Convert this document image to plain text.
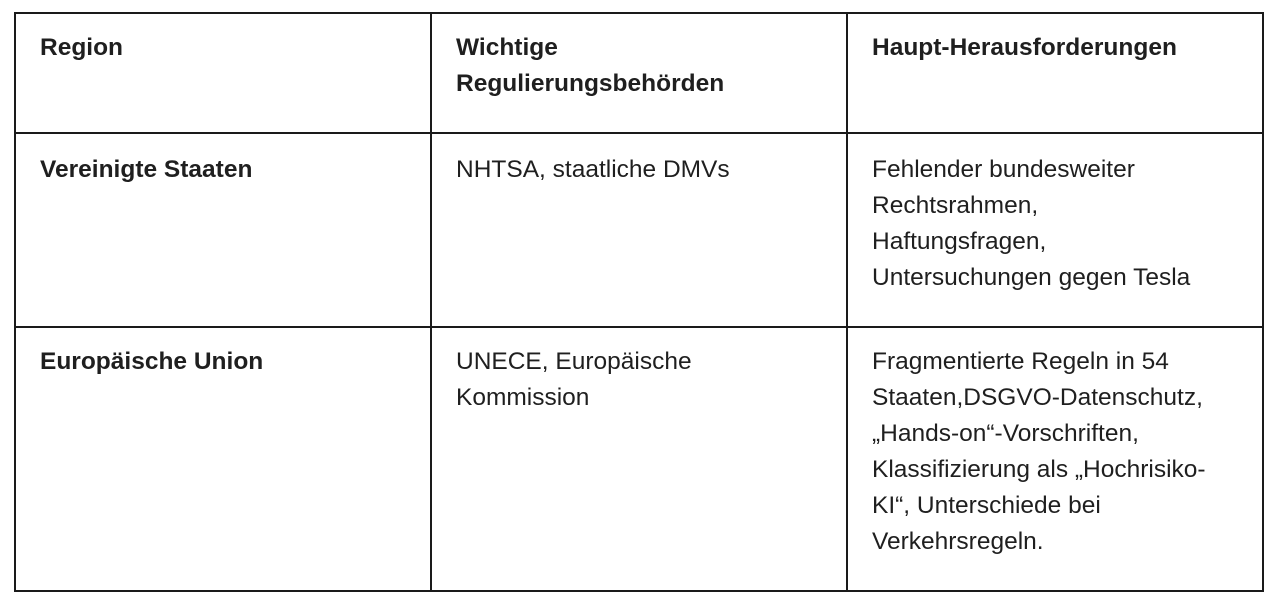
Region	Wichtige Regulierungsbehörden	Haupt-Herausforderungen

Vereinigte Staaten	NHTSA, staatliche DMVs	Fehlender bundesweiter Rechtsrahmen, Haftungsfragen, Untersuchungen gegen Tesla

Europäische Union	UNECE, Europäische Kommission	Fragmentierte Regeln in 54 Staaten,DSGVO-Datenschutz, „Hands-on“-Vorschriften, Klassifizierung als „Hochrisiko-KI“, Unterschiede bei Verkehrsregeln.
